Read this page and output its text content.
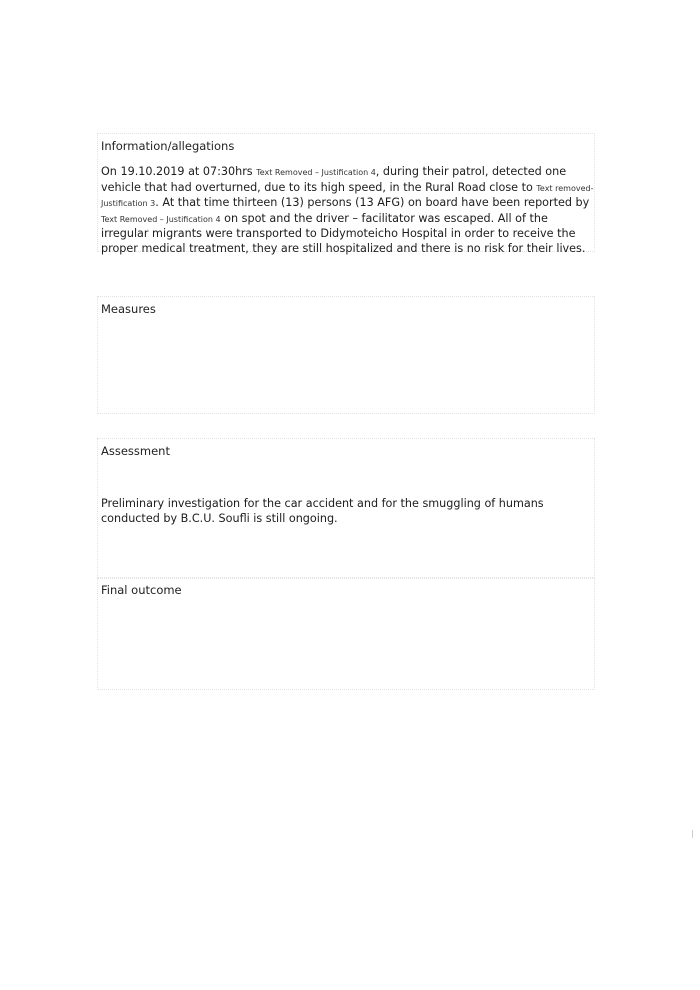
Information/allegations

On 19.10.2019 at 07:30hrs Text Removed – Justification 4, during their patrol, detected one vehicle that had overturned, due to its high speed, in the Rural Road close to Text removed-Justification 3. At that time thirteen (13) persons (13 AFG) on board have been reported by Text Removed – Justification 4 on spot and the driver – facilitator was escaped. All of the irregular migrants were transported to Didymoteicho Hospital in order to receive the proper medical treatment, they are still hospitalized and there is no risk for their lives.

Measures
Assessment

Preliminary investigation for the car accident and for the smuggling of humans conducted by B.C.U. Soufli is still ongoing.

Final outcome
